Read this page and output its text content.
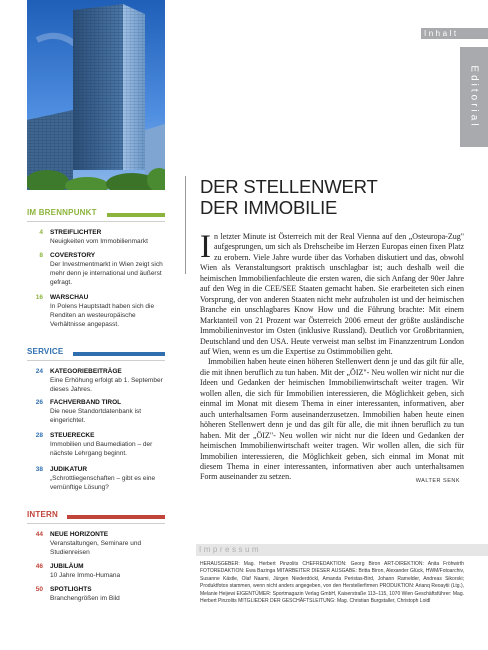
Inhalt
Editorial
IM BRENNPUNKT
4 STREIFLICHTER
Neuigkeiten vom Immobilienmarkt
8 COVERSTORY
Der Investmentmarkt in Wien zeigt sich mehr denn je international und äußerst gefragt.
16 WARSCHAU
In Polens Hauptstadt haben sich die Renditen an westeuropäische Verhältnisse angepasst.
SERVICE
24 KATEGORIEBEITRÄGE
Eine Erhöhung erfolgt ab 1. September dieses Jahres.
26 FACHVERBAND TIROL
Die neue Standortdatenbank ist eingerichtet.
28 STEUERECKE
Immobilien und Baumediation – der nächste Lehrgang beginnt.
38 JUDIKATUR
„Schrottliegenschaften – gibt es eine vernünftige Lösung?
INTERN
44 NEUE HORIZONTE
Veranstaltungen, Seminare und Studienreisen
46 JUBILÄUM
10 Jahre Immo-Humana
50 SPOTLIGHTS
Branchengrößen im Bild
DER STELLENWERT
DER IMMOBILIE

In letzter Minute ist Österreich mit der Real Vienna auf den „Osteuropa-Zug" aufgesprungen, um sich als Drehscheibe im Herzen Europas einen fixen Platz zu erobern. Viele Jahre wurde über das Vorhaben diskutiert und das, obwohl Wien als Veranstaltungsort praktisch unschlagbar ist; auch deshalb weil die heimischen Immobilienfachleute die ersten waren, die sich Anfang der 90er Jahre auf den Weg in die CEE/SEE Staaten gemacht haben. Sie erarbeiteten sich einen Vorsprung, der von anderen Staaten nicht mehr aufzuholen ist und der heimischen Branche ein unschlagbares Know How und die Führung brachte: Mit einem Marktanteil von 21 Prozent war Österreich 2006 erneut der größte ausländische Immobilieninvestor im Osten (inklusive Russland). Deutlich vor Großbritannien, Deutschland und den USA. Heute verweist man selbst im Finanzzentrum London auf Wien, wenn es um die Expertise zu Ostimmobilien geht.

Immobilien haben heute einen höheren Stellenwert denn je und das gilt für alle, die mit ihnen beruflich zu tun haben. Mit der „ÖIZ"- Neu wollen wir nicht nur die Ideen und Gedanken der heimischen Immobilienwirtschaft weiter tragen. Wir wollen allen, die sich für Immobilien interessieren, die Möglichkeit geben, sich einmal im Monat mit diesem Thema in einer interessanten, informativen, aber auch unterhaltsamen Form auseinanderzusetzen. Immobilien haben heute einen höheren Stellenwert denn je und das gilt für alle, die mit ihnen beruflich zu tun haben. Mit der „ÖIZ"- Neu wollen wir nicht nur die Ideen und Gedanken der heimischen Immobilienwirtschaft weiter tragen. Wir wollen allen, die sich für Immobilien interessieren, die Möglichkeit geben, sich einmal im Monat mit diesem Thema in einer interessanten, informativen aber auch unterhaltsamen Form auseinander zu setzen.	WALTER SENK
Impressum
HERAUSGEBER: Mag. Herbert Pinzolits CHEFREDAKTION: Georg Biron ART-DIREKTION: Anita Fröhwirth FOTOREDAKTION: Ewa Bazinga MITARBEITER DIESER AUSGABE: Britta Biron, Alexander Glück, HWM/Fotoarchiv, Susanne Kästle, Olaf Naami, Jürgen Niederdöckl, Amanda Peristas-Bird, Johann Ramelder, Andreas Sikorski; Produktfotos stammen, wenn nicht anders angegeben, von den Herstellerfirmen PRODUKTION: Arianq Reoaytii (Ltg.), Melanie Heijewi EIGENTÜMER: Sportmagazin Verlag GmbH, Kaiserstraße 113–115, 1070 Wien Geschäftsführer: Mag. Herbert Pinzolits MITGLIEDER DER GESCHÄFTSLEITUNG: Mag. Christian Burgstaller, Christoph Loidl
